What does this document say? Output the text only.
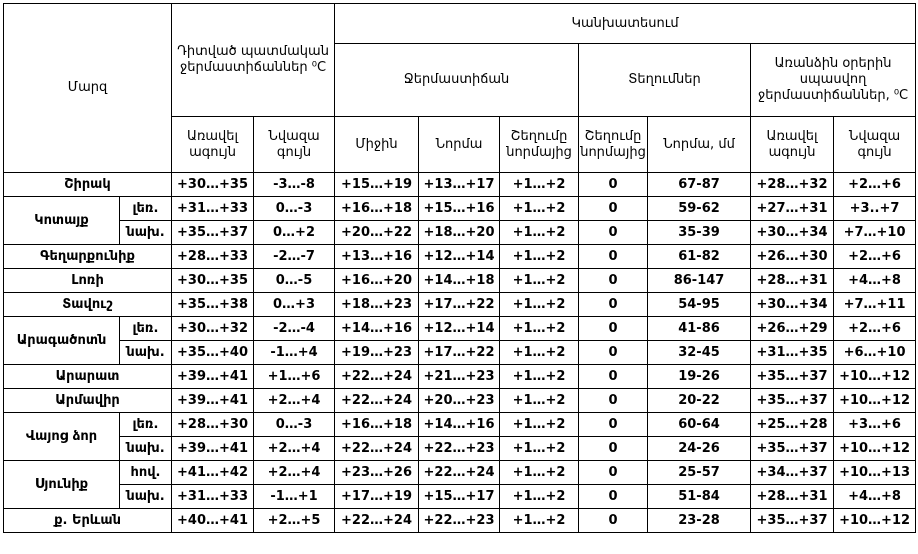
Մարզ		Դիտված պատմական ջերմաստիճաններ ⁰C		Կանխատեսում						
				Ջերմաստիճան			Տեղումներ		Առանձին օրերին սպասվող ջերմաստիճաններ, ⁰C	
		Առավել ագույն	Նվազա գույն	Միջին	Նորմա	Շեղումը նորմայից	Շեղումը նորմայից	Նորմա, մմ	Առավել ագույն	Նվազա գույն
Շիրակ		+30…+35	-3…-8	+15…+19	+13…+17	+1…+2	0	67-87	+28…+32	+2…+6
Կոտայք	լեռ.	+31…+33	0…-3	+16…+18	+15…+16	+1…+2	0	59-62	+27…+31	+3..+7
	նախ.	+35…+37	0…+2	+20…+22	+18…+20	+1…+2	0	35-39	+30…+34	+7…+10
Գեղարքունիք		+28…+33	-2…-7	+13…+16	+12…+14	+1…+2	0	61-82	+26…+30	+2…+6
Լոռի		+30…+35	0…-5	+16…+20	+14…+18	+1…+2	0	86-147	+28…+31	+4…+8
Տավուշ		+35…+38	0…+3	+18…+23	+17…+22	+1…+2	0	54-95	+30…+34	+7…+11
Արագածոտն	լեռ.	+30…+32	-2…-4	+14…+16	+12…+14	+1…+2	0	41-86	+26…+29	+2…+6
	նախ.	+35…+40	-1…+4	+19…+23	+17…+22	+1…+2	0	32-45	+31…+35	+6…+10
Արարատ		+39…+41	+1…+6	+22…+24	+21…+23	+1…+2	0	19-26	+35…+37	+10…+12
Արմավիր		+39…+41	+2…+4	+22…+24	+20…+23	+1…+2	0	20-22	+35…+37	+10…+12
Վայոց ձոր	լեռ.	+28…+30	0…-3	+16…+18	+14…+16	+1…+2	0	60-64	+25…+28	+3…+6
	նախ.	+39…+41	+2…+4	+22…+24	+22…+23	+1…+2	0	24-26	+35…+37	+10…+12
Սյունիք	հով.	+41…+42	+2…+4	+23…+26	+22…+24	+1…+2	0	25-57	+34…+37	+10…+13
	նախ.	+31…+33	-1…+1	+17…+19	+15…+17	+1…+2	0	51-84	+28…+31	+4…+8
ք. Երևան		+40…+41	+2…+5	+22…+24	+22…+23	+1…+2	0	23-28	+35…+37	+10…+12
